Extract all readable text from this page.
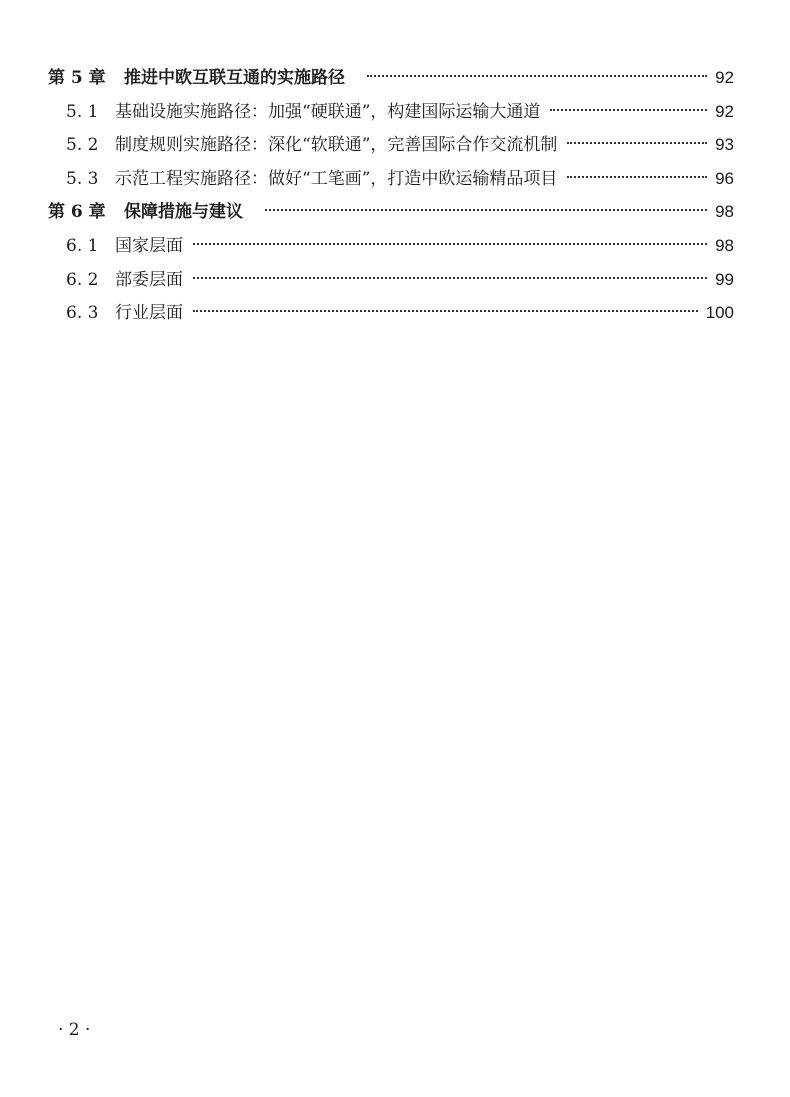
第 5 章	推进中欧互联互通的实施路径	92
5. 1 基础设施实施路径：加强“硬联通”，构建国际运输大通道	92
5. 2 制度规则实施路径：深化“软联通”，完善国际合作交流机制	93
5. 3 示范工程实施路径：做好“工笔画”，打造中欧运输精品项目	96
第 6 章	保障措施与建议	98
6. 1 国家层面	98
6. 2 部委层面	99
6. 3 行业层面	100
· 2 ·
